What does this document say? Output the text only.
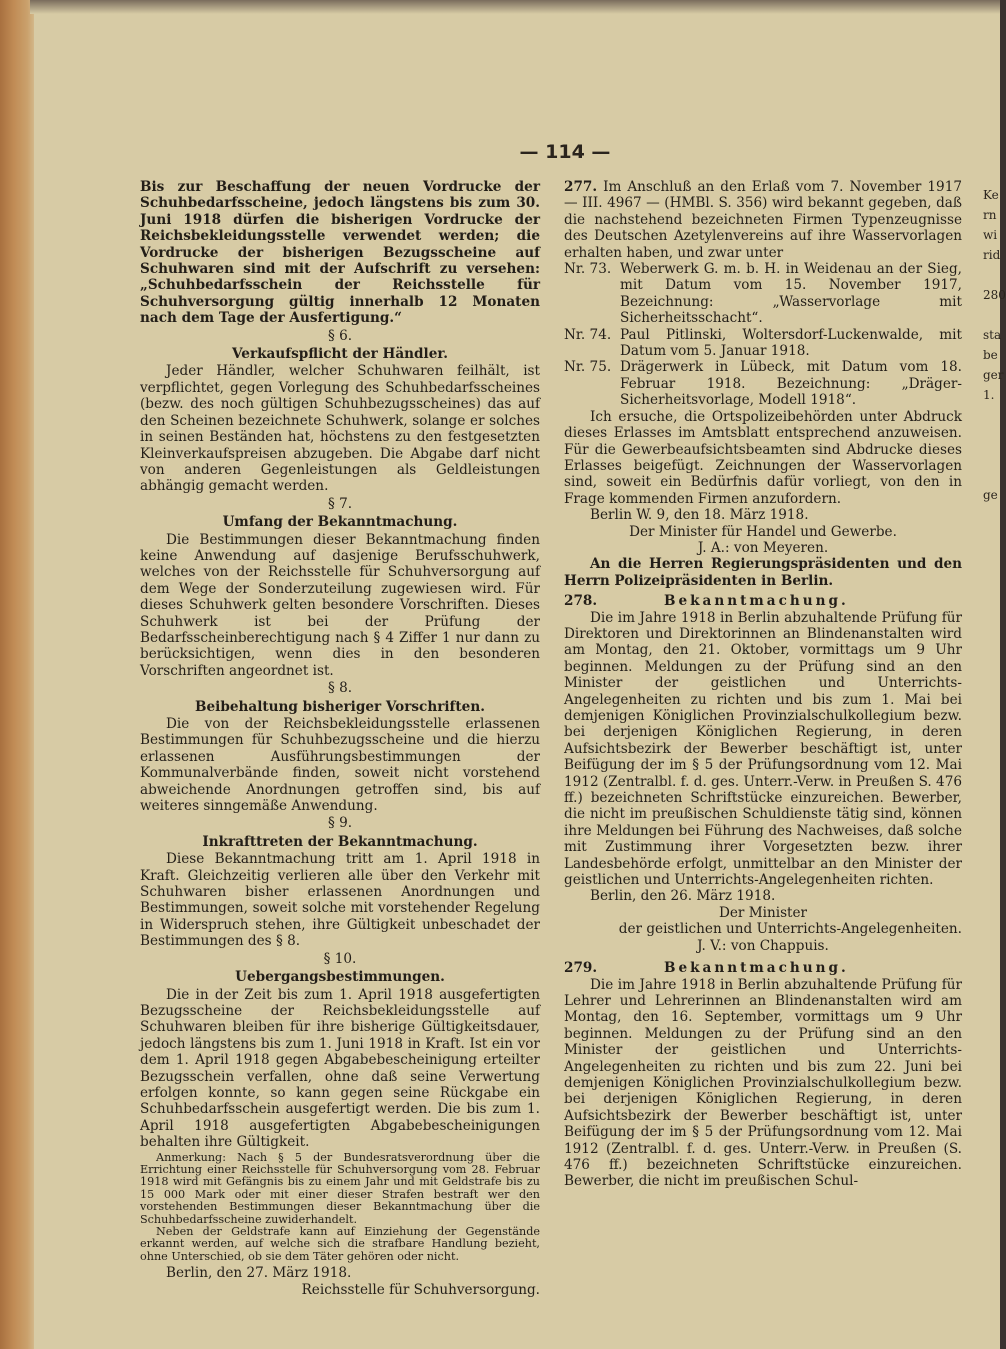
— 114 —

Bis zur Beschaffung der neuen Vordrucke der Schuhbedarfsscheine, jedoch längstens bis zum 30. Juni 1918 dürfen die bisherigen Vordrucke der Reichsbekleidungsstelle verwendet werden; die Vordrucke der bisherigen Bezugsscheine auf Schuhwaren sind mit der Aufschrift zu versehen: „Schuhbedarfsschein der Reichsstelle für Schuhversorgung gültig innerhalb 12 Monaten nach dem Tage der Ausfertigung.“

§ 6.
Verkaufspflicht der Händler.

Jeder Händler, welcher Schuhwaren feilhält, ist verpflichtet, gegen Vorlegung des Schuhbedarfsscheines (bezw. des noch gültigen Schuhbezugsscheines) das auf den Scheinen bezeichnete Schuhwerk, solange er solches in seinen Beständen hat, höchstens zu den festgesetzten Kleinverkaufspreisen abzugeben. Die Abgabe darf nicht von anderen Gegenleistungen als Geldleistungen abhängig gemacht werden.

§ 7.
Umfang der Bekanntmachung.

Die Bestimmungen dieser Bekanntmachung finden keine Anwendung auf dasjenige Berufsschuhwerk, welches von der Reichsstelle für Schuhversorgung auf dem Wege der Sonderzuteilung zugewiesen wird. Für dieses Schuhwerk gelten besondere Vorschriften. Dieses Schuhwerk ist bei der Prüfung der Bedarfsscheinberechtigung nach § 4 Ziffer 1 nur dann zu berücksichtigen, wenn dies in den besonderen Vorschriften angeordnet ist.

§ 8.
Beibehaltung bisheriger Vorschriften.

Die von der Reichsbekleidungsstelle erlassenen Bestimmungen für Schuhbezugsscheine und die hierzu erlassenen Ausführungsbestimmungen der Kommunalverbände finden, soweit nicht vorstehend abweichende Anordnungen getroffen sind, bis auf weiteres sinngemäße Anwendung.

§ 9.
Inkrafttreten der Bekanntmachung.

Diese Bekanntmachung tritt am 1. April 1918 in Kraft. Gleichzeitig verlieren alle über den Verkehr mit Schuhwaren bisher erlassenen Anordnungen und Bestimmungen, soweit solche mit vorstehender Regelung in Widerspruch stehen, ihre Gültigkeit unbeschadet der Bestimmungen des § 8.

§ 10.
Uebergangsbestimmungen.

Die in der Zeit bis zum 1. April 1918 ausgefertigten Bezugsscheine der Reichsbekleidungsstelle auf Schuhwaren bleiben für ihre bisherige Gültigkeitsdauer, jedoch längstens bis zum 1. Juni 1918 in Kraft. Ist ein vor dem 1. April 1918 gegen Abgabebescheinigung erteilter Bezugsschein verfallen, ohne daß seine Verwertung erfolgen konnte, so kann gegen seine Rückgabe ein Schuhbedarfsschein ausgefertigt werden. Die bis zum 1. April 1918 ausgefertigten Abgabebescheinigungen behalten ihre Gültigkeit.

Anmerkung: Nach § 5 der Bundesratsverordnung über die Errichtung einer Reichsstelle für Schuhversorgung vom 28. Februar 1918 wird mit Gefängnis bis zu einem Jahr und mit Geldstrafe bis zu 15 000 Mark oder mit einer dieser Strafen bestraft wer den vorstehenden Bestimmungen dieser Bekanntmachung über die Schuhbedarfsscheine zuwiderhandelt.

Neben der Geldstrafe kann auf Einziehung der Gegenstände erkannt werden, auf welche sich die strafbare Handlung bezieht, ohne Unterschied, ob sie dem Täter gehören oder nicht.

Berlin, den 27. März 1918.

Reichsstelle für Schuhversorgung.

277. Im Anschluß an den Erlaß vom 7. November 1917 — III. 4967 — (HMBl. S. 356) wird bekannt gegeben, daß die nachstehend bezeichneten Firmen Typenzeugnisse des Deutschen Azetylenvereins auf ihre Wasservorlagen erhalten haben, und zwar unter

Nr. 73. Weberwerk G. m. b. H. in Weidenau an der Sieg, mit Datum vom 15. November 1917, Bezeichnung: „Wasservorlage mit Sicherheitsschacht“.
Nr. 74. Paul Pitlinski, Woltersdorf-Luckenwalde, mit Datum vom 5. Januar 1918.
Nr. 75. Drägerwerk in Lübeck, mit Datum vom 18. Februar 1918. Bezeichnung: „Dräger-Sicherheitsvorlage, Modell 1918“.

Ich ersuche, die Ortspolizeibehörden unter Abdruck dieses Erlasses im Amtsblatt entsprechend anzuweisen. Für die Gewerbeaufsichtsbeamten sind Abdrucke dieses Erlasses beigefügt. Zeichnungen der Wasservorlagen sind, soweit ein Bedürfnis dafür vorliegt, von den in Frage kommenden Firmen anzufordern.

Berlin W. 9, den 18. März 1918.

Der Minister für Handel und Gewerbe.
J. A.: von Meyeren.

An die Herren Regierungspräsidenten und den Herrn Polizeipräsidenten in Berlin.

278.	Bekanntmachung.

Die im Jahre 1918 in Berlin abzuhaltende Prüfung für Direktoren und Direktorinnen an Blindenanstalten wird am Montag, den 21. Oktober, vormittags um 9 Uhr beginnen. Meldungen zu der Prüfung sind an den Minister der geistlichen und Unterrichts-Angelegenheiten zu richten und bis zum 1. Mai bei demjenigen Königlichen Provinzialschulkollegium bezw. bei derjenigen Königlichen Regierung, in deren Aufsichtsbezirk der Bewerber beschäftigt ist, unter Beifügung der im § 5 der Prüfungsordnung vom 12. Mai 1912 (Zentralbl. f. d. ges. Unterr.-Verw. in Preußen S. 476 ff.) bezeichneten Schriftstücke einzureichen. Bewerber, die nicht im preußischen Schuldienste tätig sind, können ihre Meldungen bei Führung des Nachweises, daß solche mit Zustimmung ihrer Vorgesetzten bezw. ihrer Landesbehörde erfolgt, unmittelbar an den Minister der geistlichen und Unterrichts-Angelegenheiten richten.

Berlin, den 26. März 1918.

Der Minister
der geistlichen und Unterrichts-Angelegenheiten.
J. V.: von Chappuis.
279.	Bekanntmachung.

Die im Jahre 1918 in Berlin abzuhaltende Prüfung für Lehrer und Lehrerinnen an Blindenanstalten wird am Montag, den 16. September, vormittags um 9 Uhr beginnen. Meldungen zu der Prüfung sind an den Minister der geistlichen und Unterrichts-Angelegenheiten zu richten und bis zum 22. Juni bei demjenigen Königlichen Provinzialschulkollegium bezw. bei derjenigen Königlichen Regierung, in deren Aufsichtsbezirk der Bewerber beschäftigt ist, unter Beifügung der im § 5 der Prüfungsordnung vom 12. Mai 1912 (Zentralbl. f. d. ges. Unterr.-Verw. in Preußen (S. 476 ff.) bezeichneten Schriftstücke einzureichen. Bewerber, die nicht im preußischen Schul-

Ke
rn
wi
rid

280

sta
be
ger
1.

ge
